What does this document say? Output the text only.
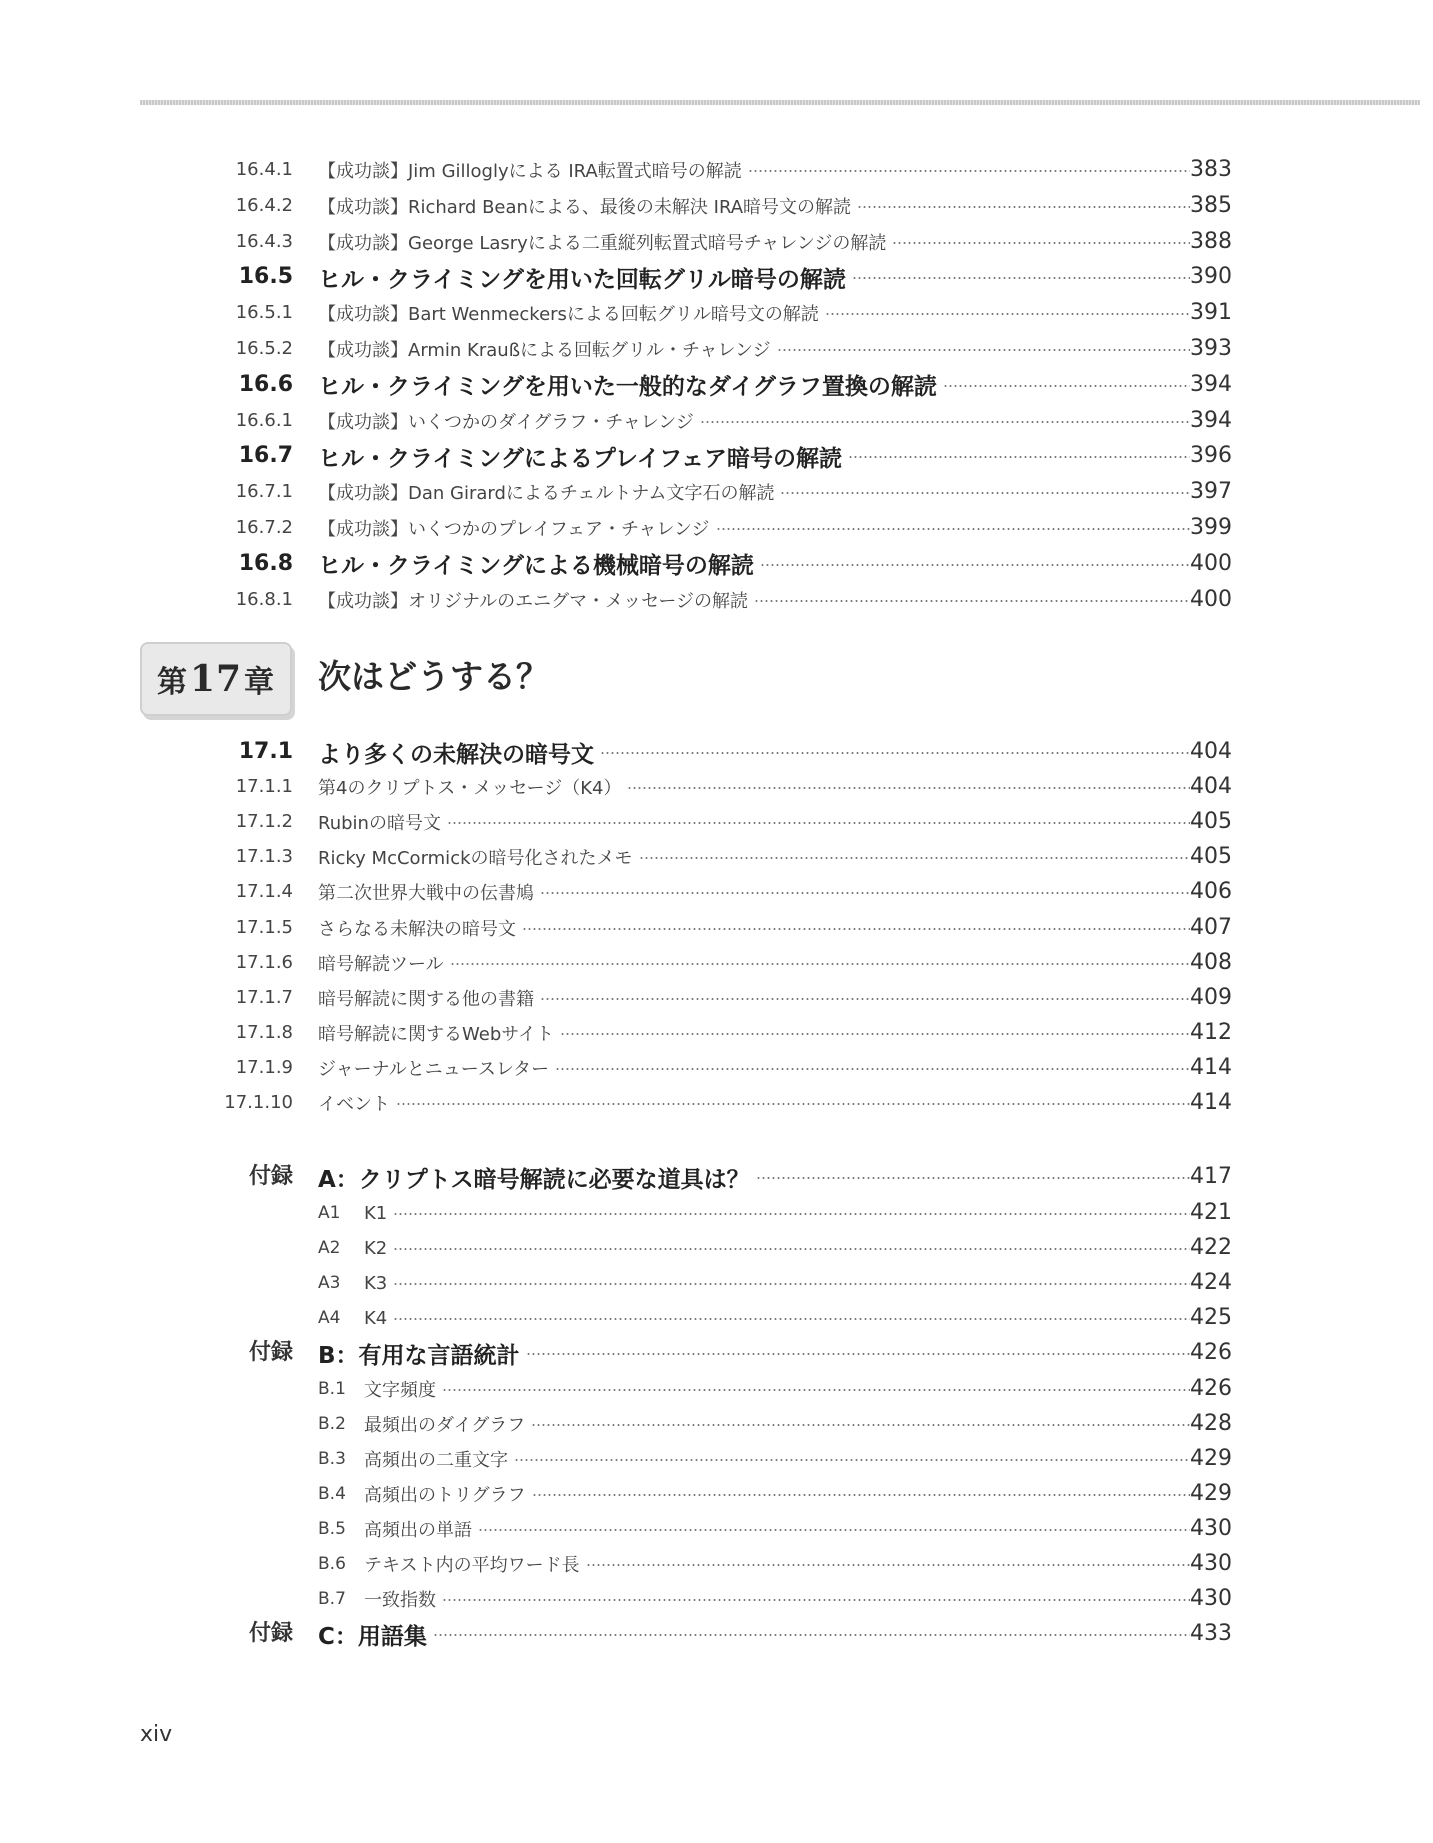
16.4.1 【成功談】Jim Gilloglyによる IRA転置式暗号の解読	383
16.4.2 【成功談】Richard Beanによる、最後の未解決 IRA暗号文の解読	385
16.4.3 【成功談】George Lasryによる二重縦列転置式暗号チャレンジの解読	388
16.5 ヒル・クライミングを用いた回転グリル暗号の解読	390
16.5.1 【成功談】Bart Wenmeckersによる回転グリル暗号文の解読	391
16.5.2 【成功談】Armin Kraußによる回転グリル・チャレンジ	393
16.6 ヒル・クライミングを用いた一般的なダイグラフ置換の解読	394
16.6.1 【成功談】いくつかのダイグラフ・チャレンジ	394
16.7 ヒル・クライミングによるプレイフェア暗号の解読	396
16.7.1 【成功談】Dan Girardによるチェルトナム文字石の解読	397
16.7.2 【成功談】いくつかのプレイフェア・チャレンジ	399
16.8 ヒル・クライミングによる機械暗号の解読	400
16.8.1 【成功談】オリジナルのエニグマ・メッセージの解読	400
第 17 章 次はどうする？
17.1 より多くの未解決の暗号文	404
17.1.1 第4のクリプトス・メッセージ（K4）	404
17.1.2 Rubinの暗号文	405
17.1.3 Ricky McCormickの暗号化されたメモ	405
17.1.4 第二次世界大戦中の伝書鳩	406
17.1.5 さらなる未解決の暗号文	407
17.1.6 暗号解読ツール	408
17.1.7 暗号解読に関する他の書籍	409
17.1.8 暗号解読に関するWebサイト	412
17.1.9 ジャーナルとニュースレター	414
17.1.10 イベント	414
付録 A：クリプトス暗号解読に必要な道具は？	417
A1	K1	421
A2	K2	422
A3	K3	424
A4	K4	425
付録 B：有用な言語統計	426
B.1	文字頻度	426
B.2	最頻出のダイグラフ	428
B.3	高頻出の二重文字	429
B.4	高頻出のトリグラフ	429
B.5	高頻出の単語	430
B.6	テキスト内の平均ワード長	430
B.7	一致指数	430
付録 C：用語集	433
xiv
